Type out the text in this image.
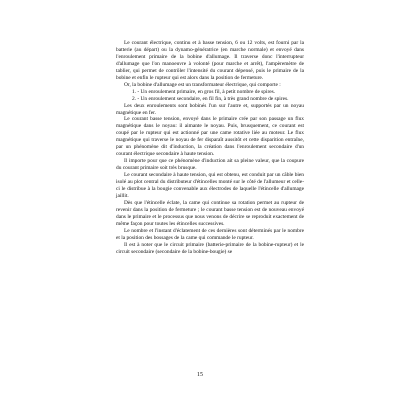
Le courant électrique, continu et à basse tension, 6 ou 12 volts, est fourni par la batterie (au départ) ou la dynamo-génératrice (en marche normale) et envoyé dans l'enroulement primaire de la bobine d'allumage. Il traverse donc l'interrupteur d'allumage que l'on manoeuvre à volonté (pour marche et arrêt), l'ampèremètre de tablier, qui permet de contrôler l'intensité du courant dépensé, puis le primaire de la bobine et enfin le rupteur qui est alors dans la position de fermeture.

Or, la bobine d'allumage est un transformateur électrique, qui comporte :

1. - Un enroulement primaire, en gros fil, à petit nombre de spires.

2. - Un enroulement secondaire, en fil fin, à très grand nombre de spires.

Les deux enroulements sont bobinés l'un sur l'autre et, supportés par un noyau magnétique en fer.

Le courant basse tension, envoyé dans le primaire crée par son passage un flux magnétique dans le noyau: il aimante le noyau. Puis, brusquement, ce courant est coupé par le rupteur qui est actionné par une came rotative liée au moteur. Le flux magnétique qui traverse le noyau de fer disparaît aussitôt et cette disparition entraîne, par un phénomène dit d'induction, la création dans l'enroulement secondaire d'un courant électrique secondaire à haute tension.

Il importe pour que ce phénomène d'induction ait sa pleine valeur, que la coupure du courant primaire soit très brusque.

Le courant secondaire à haute tension, qui est obtenu, est conduit par un câble bien isolé au plot central du distributeur d'étincelles monté sur le côté de l'allumeur et celle-ci le distribue à la bougie convenable aux électrodes de laquelle l'étincelle d'allumage jaillit.

Dès que l'étincelle éclate, la came qui continue sa rotation permet au rupteur de revenir dans la position de fermeture ; le courant basse tension est de nouveau envoyé dans le primaire et le processus que nous venons de décrire se reproduit exactement de même façon pour toutes les étincelles successives.

Le nombre et l'instant d'éclatement de ces dernières sont déterminés par le nombre et la position des bossages de la came qui commande le rupteur.

Il est à noter que le circuit primaire (batterie-primaire de la bobine-rupteur) et le circuit secondaire (secondaire de la bobine-bougie) se

15
